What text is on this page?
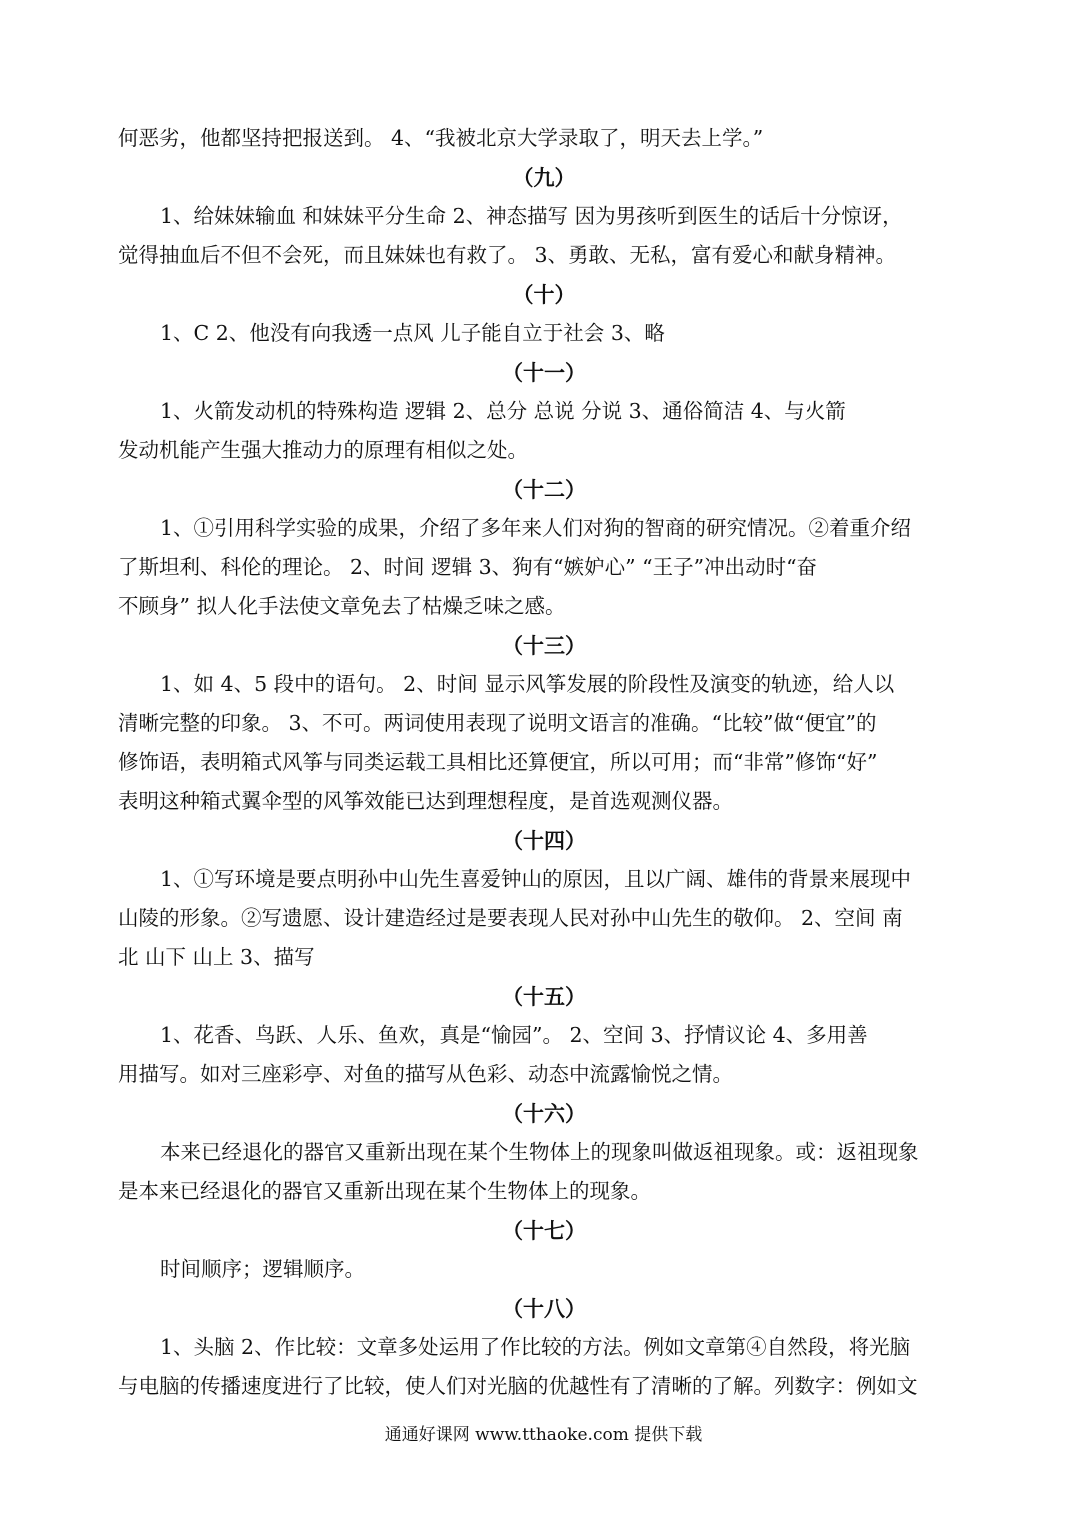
何恶劣，他都坚持把报送到。 4、“我被北京大学录取了，明天去上学。”
（九）
1、给妹妹输血 和妹妹平分生命 2、神态描写 因为男孩听到医生的话后十分惊讶，
觉得抽血后不但不会死，而且妹妹也有救了。 3、勇敢、无私，富有爱心和献身精神。
（十）
1、C 2、他没有向我透一点风 儿子能自立于社会 3、略
（十一）
1、火箭发动机的特殊构造 逻辑 2、总分 总说 分说 3、通俗简洁 4、与火箭
发动机能产生强大推动力的原理有相似之处。
（十二）
1、①引用科学实验的成果，介绍了多年来人们对狗的智商的研究情况。②着重介绍
了斯坦利、科伦的理论。 2、时间 逻辑 3、狗有“嫉妒心” “王子”冲出动时“奋
不顾身” 拟人化手法使文章免去了枯燥乏味之感。
（十三）
1、如 4、5 段中的语句。 2、时间 显示风筝发展的阶段性及演变的轨迹，给人以
清晰完整的印象。 3、不可。两词使用表现了说明文语言的准确。“比较”做“便宜”的
修饰语，表明箱式风筝与同类运载工具相比还算便宜，所以可用；而“非常”修饰“好”
表明这种箱式翼伞型的风筝效能已达到理想程度，是首选观测仪器。
（十四）
1、①写环境是要点明孙中山先生喜爱钟山的原因，且以广阔、雄伟的背景来展现中
山陵的形象。②写遗愿、设计建造经过是要表现人民对孙中山先生的敬仰。 2、空间 南
北 山下 山上 3、描写
（十五）
1、花香、鸟跃、人乐、鱼欢，真是“愉园”。 2、空间 3、抒情议论 4、多用善
用描写。如对三座彩亭、对鱼的描写从色彩、动态中流露愉悦之情。
（十六）
本来已经退化的器官又重新出现在某个生物体上的现象叫做返祖现象。或：返祖现象
是本来已经退化的器官又重新出现在某个生物体上的现象。
（十七）
时间顺序；逻辑顺序。
（十八）
1、头脑 2、作比较：文章多处运用了作比较的方法。例如文章第④自然段，将光脑
与电脑的传播速度进行了比较，使人们对光脑的优越性有了清晰的了解。列数字：例如文
通通好课网 www.tthaoke.com 提供下载
